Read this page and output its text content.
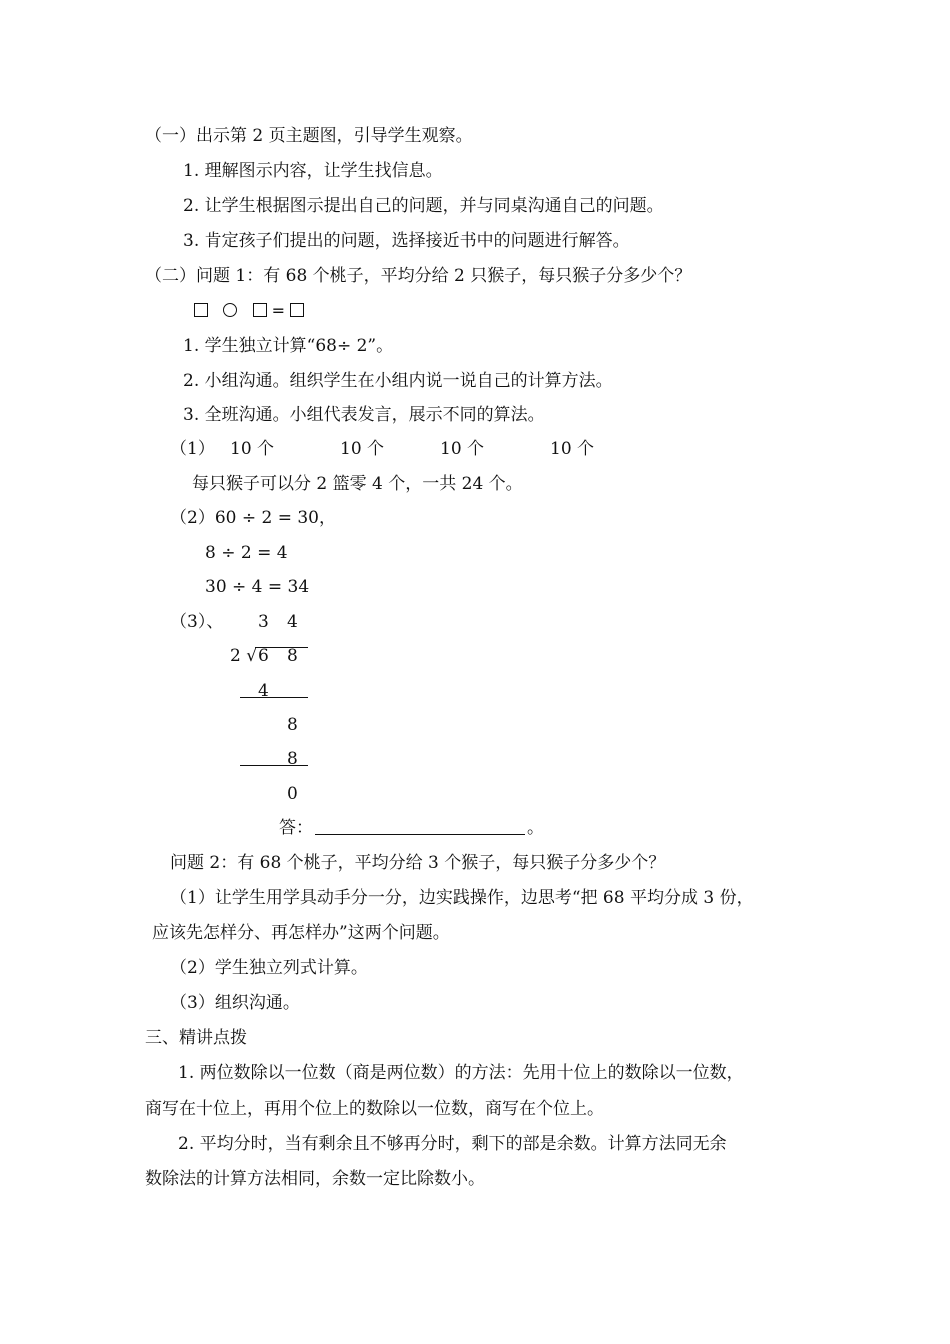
（一）出示第 2 页主题图，引导学生观察。
1. 理解图示内容，让学生找信息。
2. 让学生根据图示提出自己的问题，并与同桌沟通自己的问题。
3. 肯定孩子们提出的问题，选择接近书中的问题进行解答。
（二）问题 1：有 68 个桃子，平均分给 2 只猴子，每只猴子分多少个？
=
1. 学生独立计算“68÷ 2”。
2. 小组沟通。组织学生在小组内说一说自己的计算方法。
3. 全班沟通。小组代表发言，展示不同的算法。
（1） 10 个	10 个	10 个	10 个
每只猴子可以分 2 篮零 4 个，一共 24 个。
（2）60 ÷ 2 = 30，
8 ÷ 2 = 4
30 ÷ 4 = 34
（3）、 3 4
2 √ 6 8
4
8
8
0
答：	。
问题 2：有 68 个桃子，平均分给 3 个猴子，每只猴子分多少个？
（1）让学生用学具动手分一分，边实践操作，边思考“把 68 平均分成 3 份，
应该先怎样分、再怎样办”这两个问题。
（2）学生独立列式计算。
（3）组织沟通。
三、精讲点拨
1. 两位数除以一位数（商是两位数）的方法：先用十位上的数除以一位数，
商写在十位上，再用个位上的数除以一位数，商写在个位上。
2. 平均分时，当有剩余且不够再分时，剩下的部是余数。计算方法同无余
数除法的计算方法相同，余数一定比除数小。
